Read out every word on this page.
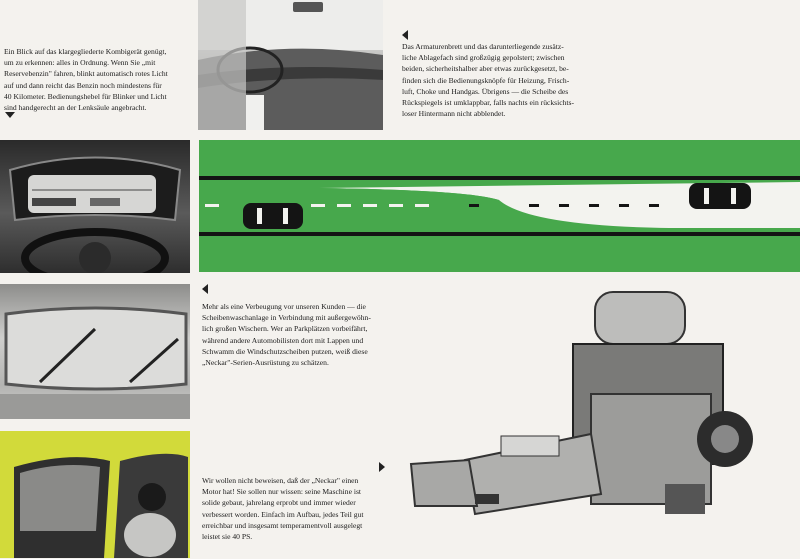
Ein Blick auf das klargegliederte Kombigerät genügt,
um zu erkennen: alles in Ordnung. Wenn Sie „mit
Reservebenzin" fahren, blinkt automatisch rotes Licht
auf und dann reicht das Benzin noch mindestens für
40 Kilometer. Bedienungshebel für Blinker und Licht
sind handgerecht an der Lenksäule angebracht.

Das Armaturenbrett und das darunterliegende zusätz-
liche Ablagefach sind großzügig gepolstert; zwischen
beiden, sicherheitshalber aber etwas zurückgesetzt, be-
finden sich die Bedienungsknöpfe für Heizung, Frisch-
luft, Choke und Handgas. Übrigens — die Scheibe des
Rückspiegels ist umklappbar, falls nachts ein rücksichts-
loser Hintermann nicht abblendet.

Mehr als eine Verbeugung vor unseren Kunden — die
Scheibenwaschanlage in Verbindung mit außergewöhn-
lich großen Wischern. Wer an Parkplätzen vorbeifährt,
während andere Automobilisten dort mit Lappen und
Schwamm die Windschutzscheiben putzen, weiß diese
„Neckar"-Serien-Ausrüstung zu schätzen.

Wir wollen nicht beweisen, daß der „Neckar" einen
Motor hat! Sie sollen nur wissen: seine Maschine ist
solide gebaut, jahrelang erprobt und immer wieder
verbessert worden. Einfach im Aufbau, jedes Teil gut
erreichbar und insgesamt temperamentvoll ausgelegt
leistet sie 40 PS.
